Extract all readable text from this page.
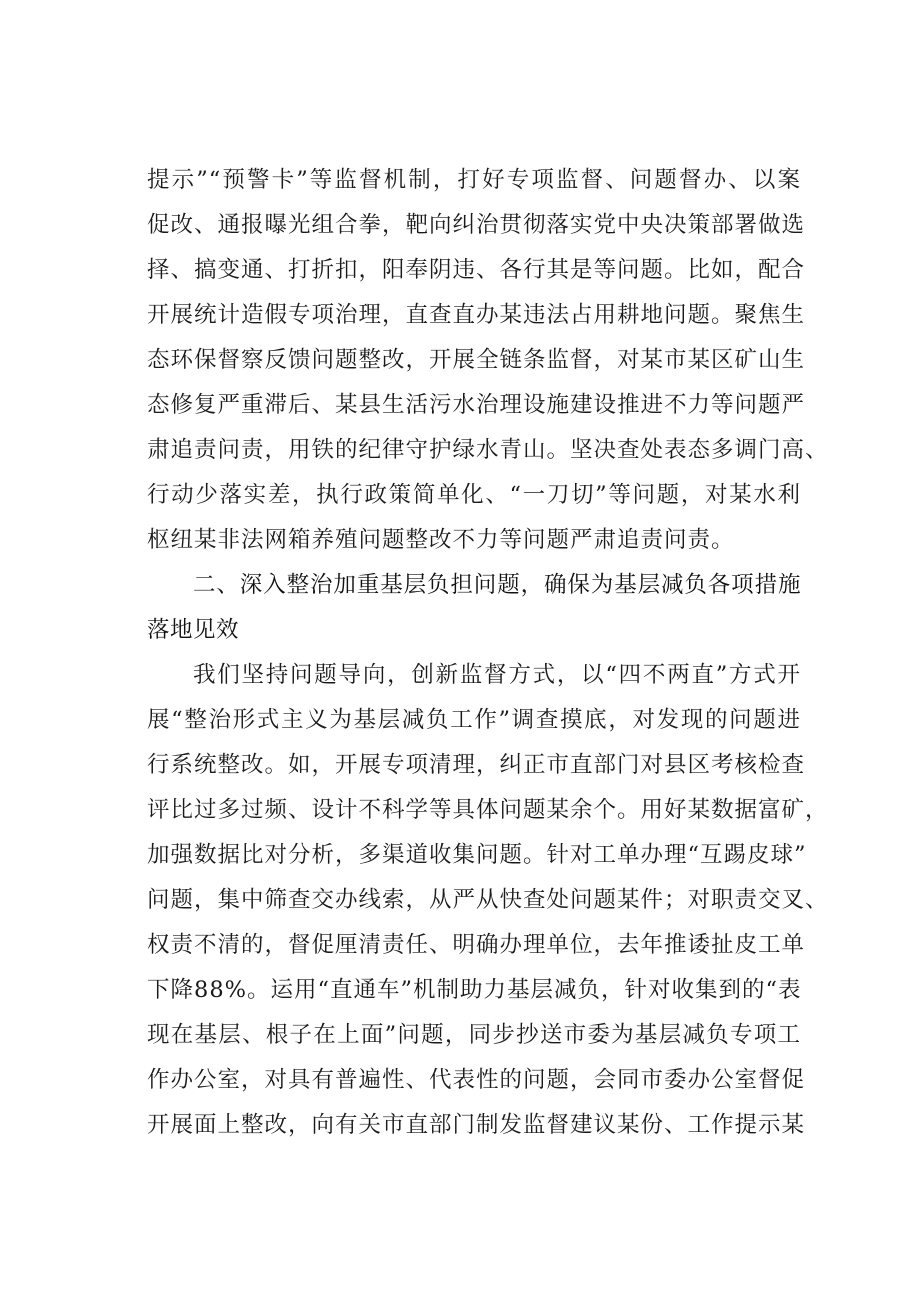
提示”“预警卡”等监督机制，打好专项监督、问题督办、以案
促改、通报曝光组合拳，靶向纠治贯彻落实党中央决策部署做选
择、搞变通、打折扣，阳奉阴违、各行其是等问题。比如，配合
开展统计造假专项治理，直查直办某违法占用耕地问题。聚焦生
态环保督察反馈问题整改，开展全链条监督，对某市某区矿山生
态修复严重滞后、某县生活污水治理设施建设推进不力等问题严
肃追责问责，用铁的纪律守护绿水青山。坚决查处表态多调门高、
行动少落实差，执行政策简单化、“一刀切”等问题，对某水利
枢纽某非法网箱养殖问题整改不力等问题严肃追责问责。
二、深入整治加重基层负担问题，确保为基层减负各项措施
落地见效
我们坚持问题导向，创新监督方式，以“四不两直”方式开
展“整治形式主义为基层减负工作”调查摸底，对发现的问题进
行系统整改。如，开展专项清理，纠正市直部门对县区考核检查
评比过多过频、设计不科学等具体问题某余个。用好某数据富矿，
加强数据比对分析，多渠道收集问题。针对工单办理“互踢皮球”
问题，集中筛查交办线索，从严从快查处问题某件；对职责交叉、
权责不清的，督促厘清责任、明确办理单位，去年推诿扯皮工单
下降88%。运用“直通车”机制助力基层减负，针对收集到的“表
现在基层、根子在上面”问题，同步抄送市委为基层减负专项工
作办公室，对具有普遍性、代表性的问题，会同市委办公室督促
开展面上整改，向有关市直部门制发监督建议某份、工作提示某
